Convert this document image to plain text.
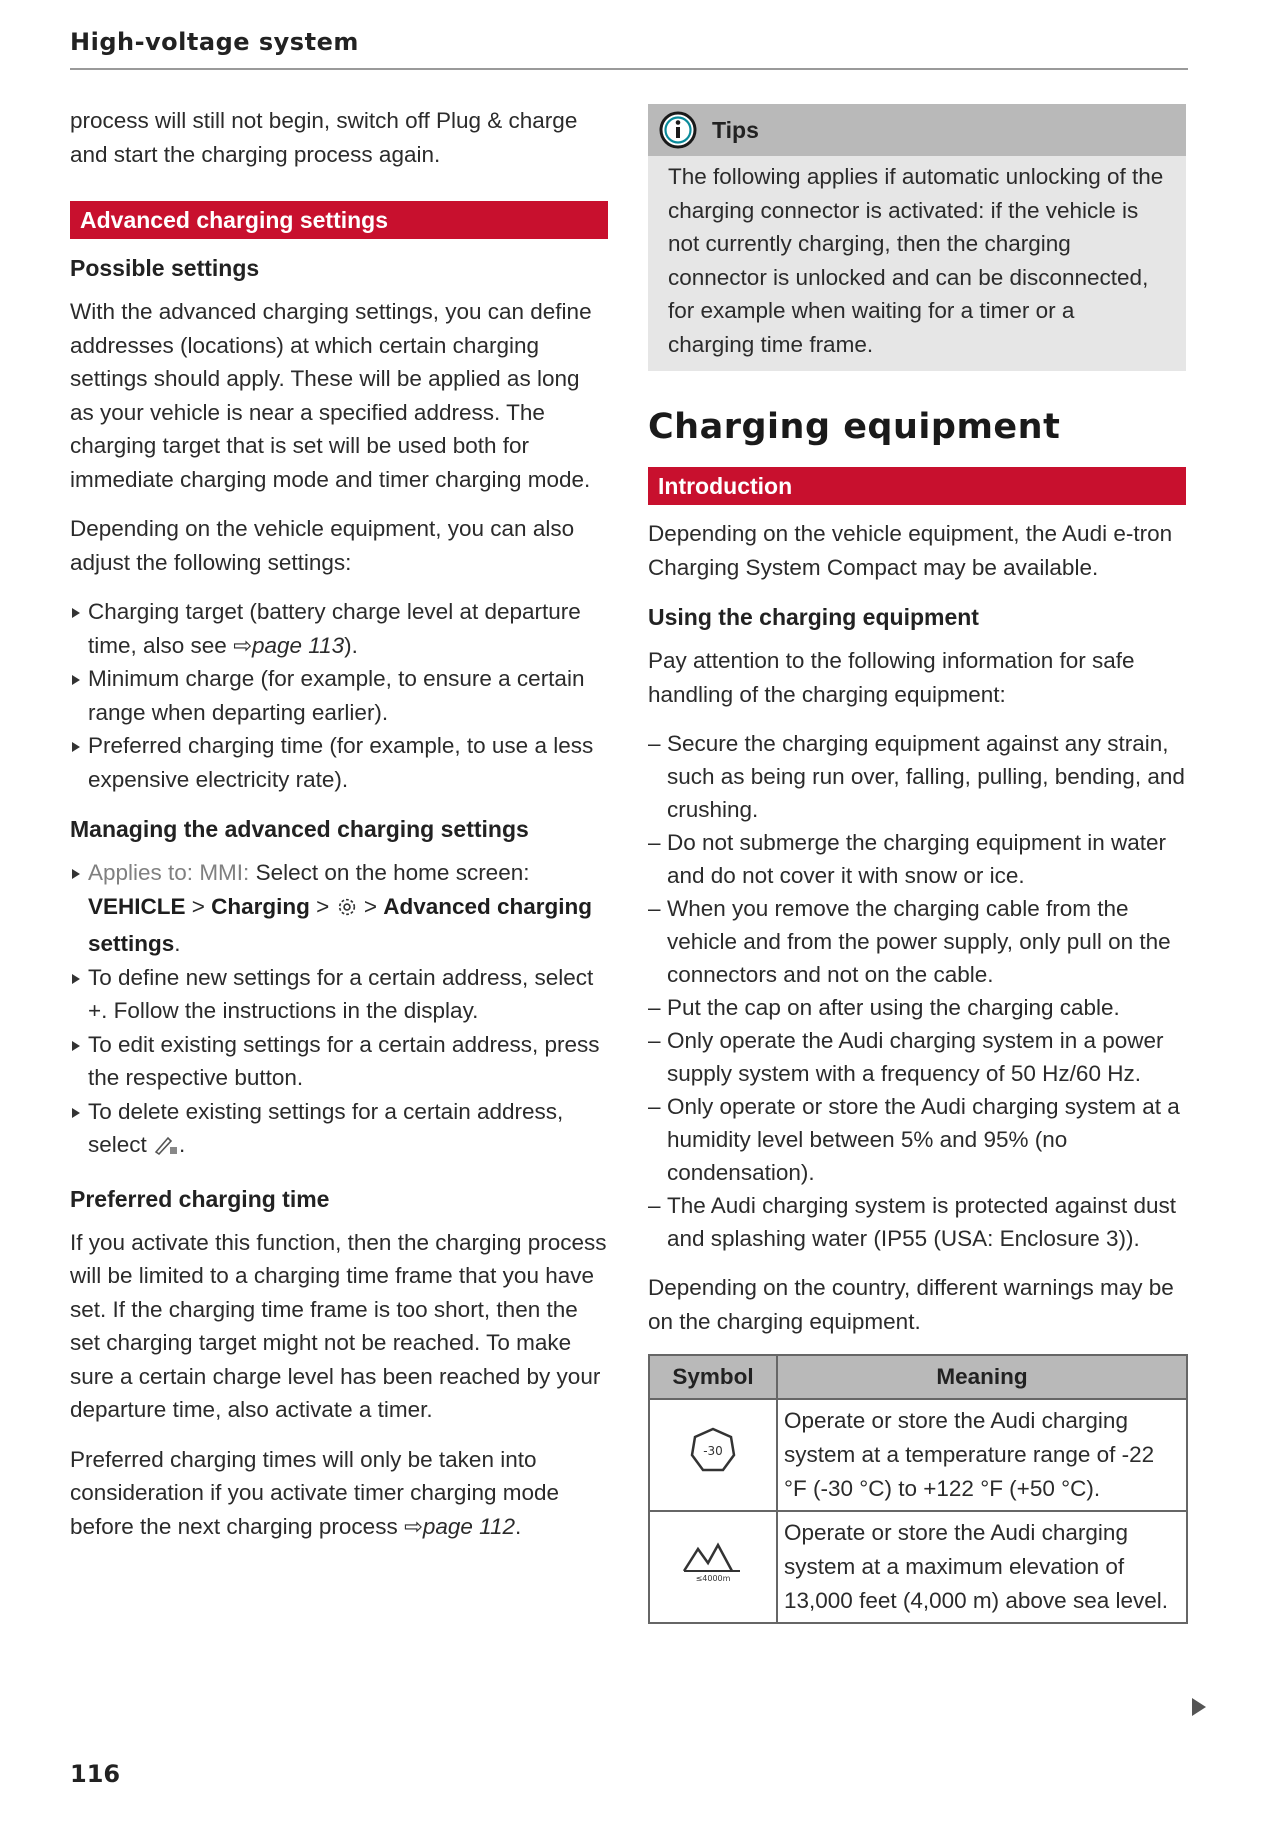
High-voltage system

process will still not begin, switch off Plug & charge and start the charging process again.

Advanced charging settings
Possible settings

With the advanced charging settings, you can define addresses (locations) at which certain charging settings should apply. These will be applied as long as your vehicle is near a specified address. The charging target that is set will be used both for immediate charging mode and timer charging mode.

Depending on the vehicle equipment, you can also adjust the following settings:

Charging target (battery charge level at departure time, also see ⇨page 113).
Minimum charge (for example, to ensure a certain range when departing earlier).
Preferred charging time (for example, to use a less expensive electricity rate).
Managing the advanced charging settings
Applies to: MMI: Select on the home screen: VEHICLE > Charging >  > Advanced charging settings.
To define new settings for a certain address, select +. Follow the instructions in the display.
To edit existing settings for a certain address, press the respective button.
To delete existing settings for a certain address, select .
Preferred charging time

If you activate this function, then the charging process will be limited to a charging time frame that you have set. If the charging time frame is too short, then the set charging target might not be reached. To make sure a certain charge level has been reached by your departure time, also activate a timer.

Preferred charging times will only be taken into consideration if you activate timer charging mode before the next charging process ⇨page 112.

Tips
The following applies if automatic unlocking of the charging connector is activated: if the vehicle is not currently charging, then the charging connector is unlocked and can be disconnected, for example when waiting for a timer or a charging time frame.
Charging equipment
Introduction

Depending on the vehicle equipment, the Audi e-tron Charging System Compact may be available.

Using the charging equipment

Pay attention to the following information for safe handling of the charging equipment:

– Secure the charging equipment against any strain, such as being run over, falling, pulling, bending, and crushing.
– Do not submerge the charging equipment in water and do not cover it with snow or ice.
– When you remove the charging cable from the vehicle and from the power supply, only pull on the connectors and not on the cable.
– Put the cap on after using the charging cable.
– Only operate the Audi charging system in a power supply system with a frequency of 50 Hz/60 Hz.
– Only operate or store the Audi charging system at a humidity level between 5% and 95% (no condensation).
– The Audi charging system is protected against dust and splashing water (IP55 (USA: Enclosure 3)).

Depending on the country, different warnings may be on the charging equipment.

Symbol	Meaning

-30	Operate or store the Audi charging system at a temperature range of -22 °F (-30 °C) to +122 °F (+50 °C).

≤4000m	Operate or store the Audi charging system at a maximum elevation of 13,000 feet (4,000 m) above sea level.
116
